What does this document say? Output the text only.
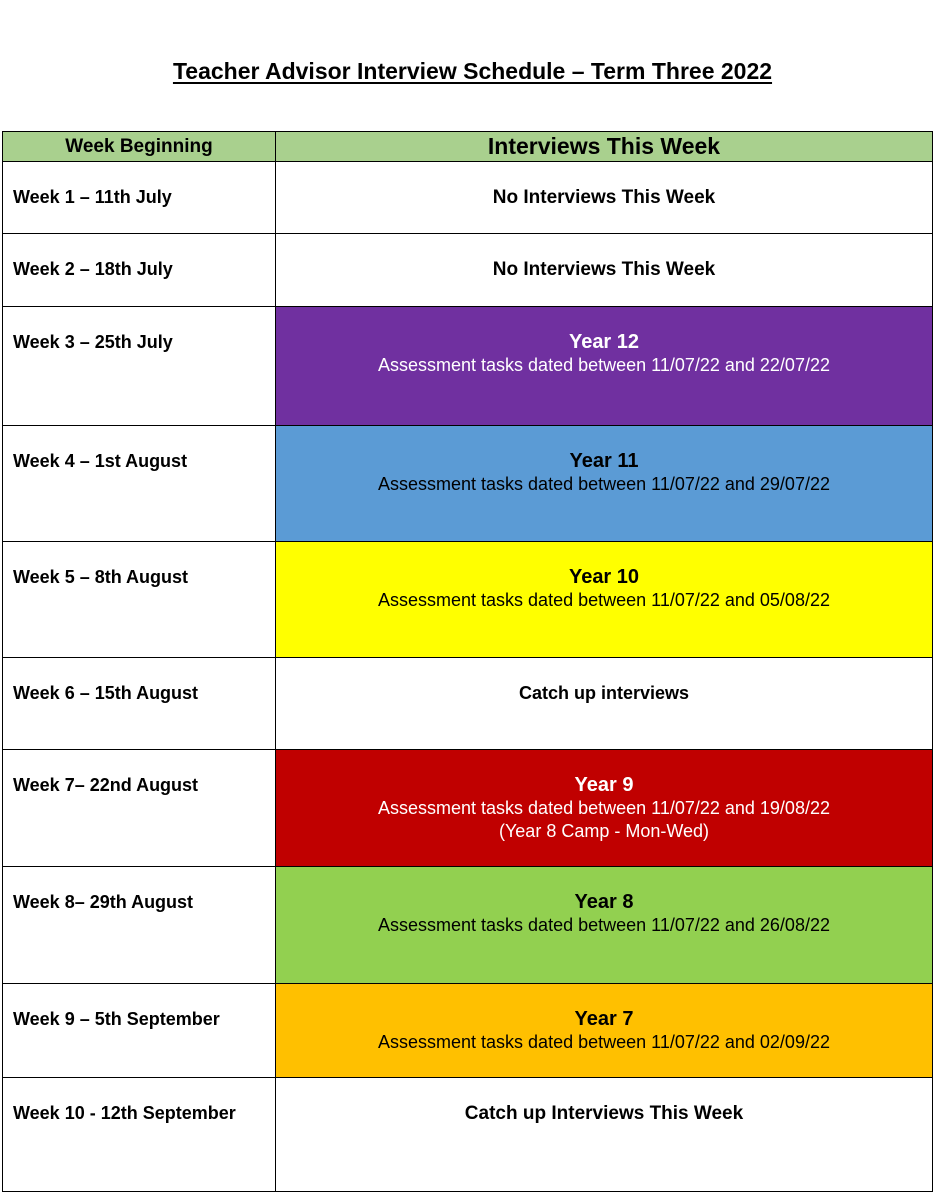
Teacher Advisor Interview Schedule – Term Three 2022
Week Beginning	Interviews This Week
Week 1 – 11th July	No Interviews This Week

Week 2 – 18th July	No Interviews This Week

Week 3 – 25th July	Year 12
Assessment tasks dated between 11/07/22 and 22/07/22

Week 4 – 1st August	Year 11
Assessment tasks dated between 11/07/22 and 29/07/22

Week 5 – 8th August	Year 10
Assessment tasks dated between 11/07/22 and 05/08/22

Week 6 – 15th August	Catch up interviews

Week 7– 22nd August	Year 9
Assessment tasks dated between 11/07/22 and 19/08/22
(Year 8 Camp - Mon-Wed)

Week 8– 29th August	Year 8
Assessment tasks dated between 11/07/22 and 26/08/22

Week 9 – 5th September	Year 7
Assessment tasks dated between 11/07/22 and 02/09/22

Week 10 - 12th September	Catch up Interviews This Week
